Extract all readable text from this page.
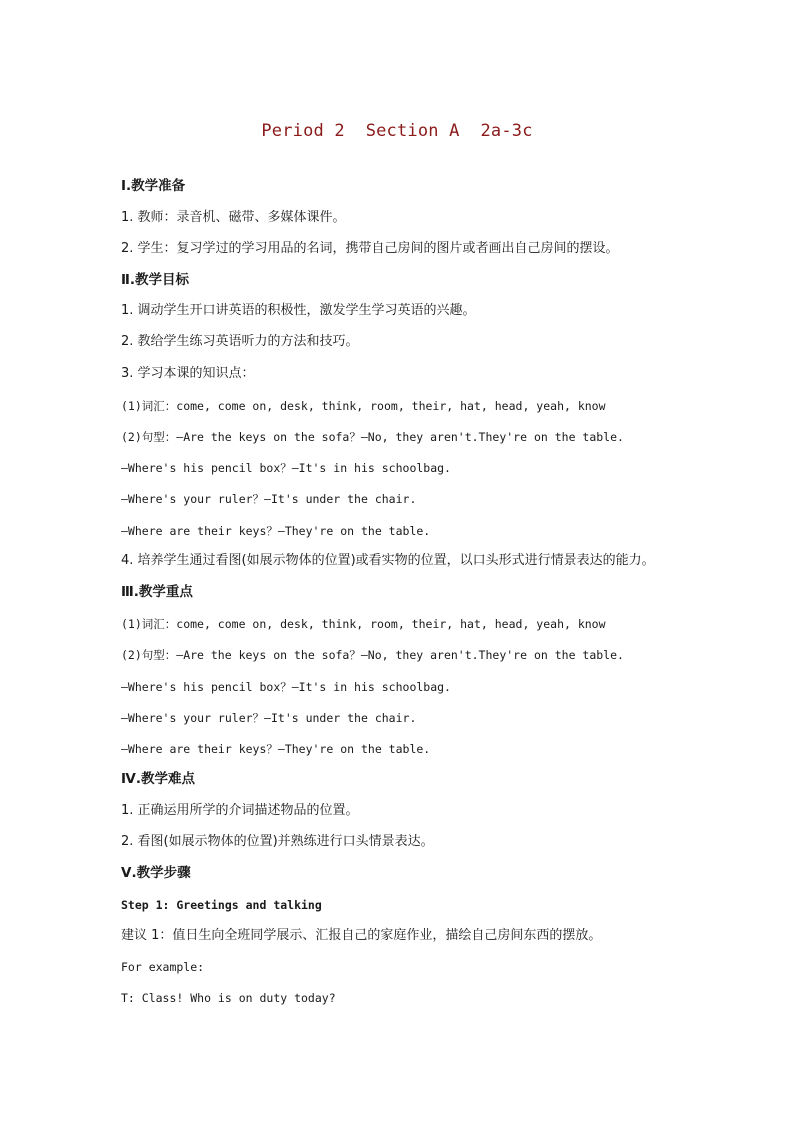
Period 2  Section A  2a-3c
Ⅰ.教学准备
1. 教师：录音机、磁带、多媒体课件。
2. 学生：复习学过的学习用品的名词，携带自己房间的图片或者画出自己房间的摆设。
Ⅱ.教学目标
1. 调动学生开口讲英语的积极性，激发学生学习英语的兴趣。
2. 教给学生练习英语听力的方法和技巧。
3. 学习本课的知识点：
(1)词汇：come, come on, desk, think, room, their, hat, head, yeah, know
(2)句型：—Are the keys on the sofa？—No, they aren't.They're on the table.
—Where's his pencil box？—It's in his schoolbag.
—Where's your ruler？—It's under the chair.
—Where are their keys？—They're on the table.
4. 培养学生通过看图(如展示物体的位置)或看实物的位置，以口头形式进行情景表达的能力。
Ⅲ.教学重点
(1)词汇：come, come on, desk, think, room, their, hat, head, yeah, know
(2)句型：—Are the keys on the sofa？—No, they aren't.They're on the table.
—Where's his pencil box？—It's in his schoolbag.
—Where's your ruler？—It's under the chair.
—Where are their keys？—They're on the table.
Ⅳ.教学难点
1. 正确运用所学的介词描述物品的位置。
2. 看图(如展示物体的位置)并熟练进行口头情景表达。
Ⅴ.教学步骤
Step 1: Greetings and talking
建议 1：值日生向全班同学展示、汇报自己的家庭作业，描绘自己房间东西的摆放。
For example:
T: Class! Who is on duty today?
